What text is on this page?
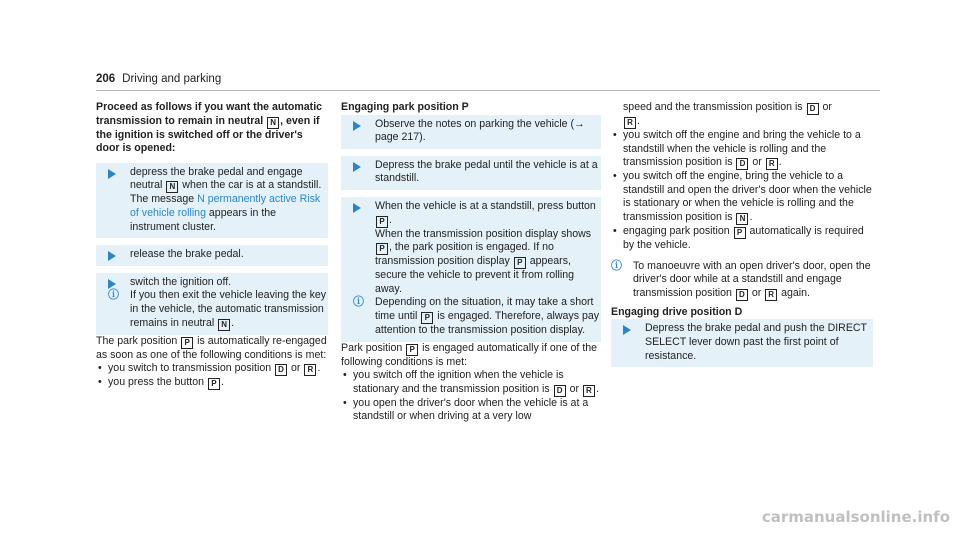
206 Driving and parking
Proceed as follows if you want the automatic transmission to remain in neutral N , even if the ignition is switched off or the driver's door is opened:
depress the brake pedal and engage neutral N when the car is at a standstill.
The message N permanently active Risk of vehicle rolling appears in the instrument cluster.
release the brake pedal.
switch the ignition off.
ⓘ If you then exit the vehicle leaving the key in the vehicle, the automatic transmission remains in neutral N .
The park position P is automatically re-engaged as soon as one of the following conditions is met:
• you switch to transmission position D or R .
• you press the button P .
Engaging park position P
Observe the notes on parking the vehicle (→ page 217).
Depress the brake pedal until the vehicle is at a standstill.
When the vehicle is at a standstill, press button P .
When the transmission position display shows P , the park position is engaged. If no transmission position display P appears, secure the vehicle to prevent it from rolling away.
ⓘ Depending on the situation, it may take a short time until P is engaged. Therefore, always pay attention to the transmission position display.
Park position P is engaged automatically if one of the following conditions is met:
• you switch off the ignition when the vehicle is stationary and the transmission position is D or R .
• you open the driver's door when the vehicle is at a standstill or when driving at a very low
speed and the transmission position is D or
R .
• you switch off the engine and bring the vehicle to a standstill when the vehicle is rolling and the transmission position is D or R .
• you switch off the engine, bring the vehicle to a standstill and open the driver's door when the vehicle is stationary or when the vehicle is rolling and the transmission position is N .
• engaging park position P automatically is required by the vehicle.
ⓘ To manoeuvre with an open driver's door, open the driver's door while at a standstill and engage transmission position D or R again.
Engaging drive position D
Depress the brake pedal and push the DIRECT SELECT lever down past the first point of resistance.
carmanualsonline.info
